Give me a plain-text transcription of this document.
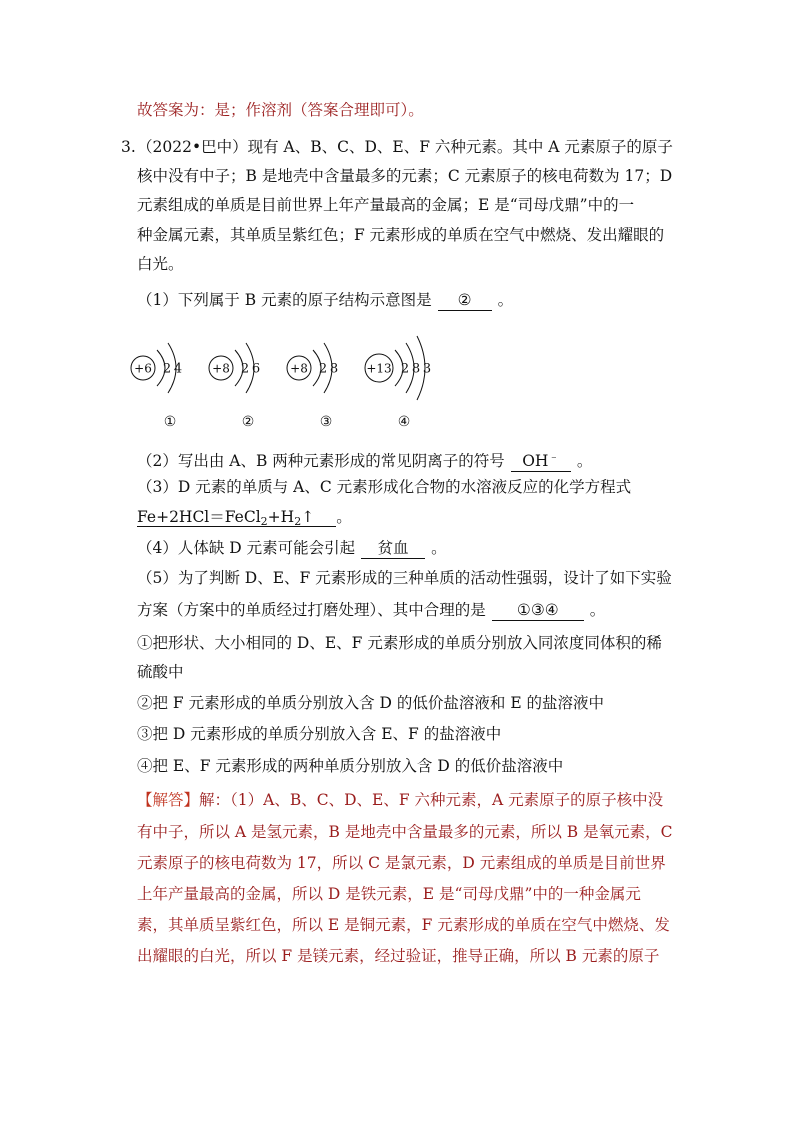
故答案为：是；作溶剂（答案合理即可）。
3. （2022•巴中）现有 A、B、C、D、E、F 六种元素。其中 A 元素原子的原子
核中没有中子；B 是地壳中含量最多的元素；C 元素原子的核电荷数为 17；D
元素组成的单质是目前世界上年产量最高的金属；E 是“司母戊鼎”中的一
种金属元素，其单质呈紫红色；F 元素形成的单质在空气中燃烧、发出耀眼的
白光。
（1）下列属于 B 元素的原子结构示意图是 ② 。
+6 2 4
①
+8 2 6
②
+8 2 8
③
+13 2 8 3
④
（2）写出由 A、B 两种元素形成的常见阴离子的符号 OH﹣ 。
（3）D 元素的单质与 A、C 元素形成化合物的水溶液反应的化学方程式
$Fe+2HCl=FeCl_2+H_2↑$ 。
（4）人体缺 D 元素可能会引起 贫血 。
（5）为了判断 D、E、F 元素形成的三种单质的活动性强弱，设计了如下实验
方案（方案中的单质经过打磨处理）、其中合理的是 ①③④ 。
①把形状、大小相同的 D、E、F 元素形成的单质分别放入同浓度同体积的稀
硫酸中
②把 F 元素形成的单质分别放入含 D 的低价盐溶液和 E 的盐溶液中
③把 D 元素形成的单质分别放入含 E、F 的盐溶液中
④把 E、F 元素形成的两种单质分别放入含 D 的低价盐溶液中
【解答】解：（1）A、B、C、D、E、F 六种元素，A 元素原子的原子核中没
有中子，所以 A 是氢元素，B 是地壳中含量最多的元素，所以 B 是氧元素，C
元素原子的核电荷数为 17，所以 C 是氯元素，D 元素组成的单质是目前世界
上年产量最高的金属，所以 D 是铁元素，E 是“司母戊鼎”中的一种金属元
素，其单质呈紫红色，所以 E 是铜元素，F 元素形成的单质在空气中燃烧、发
出耀眼的白光，所以 F 是镁元素，经过验证，推导正确，所以 B 元素的原子
